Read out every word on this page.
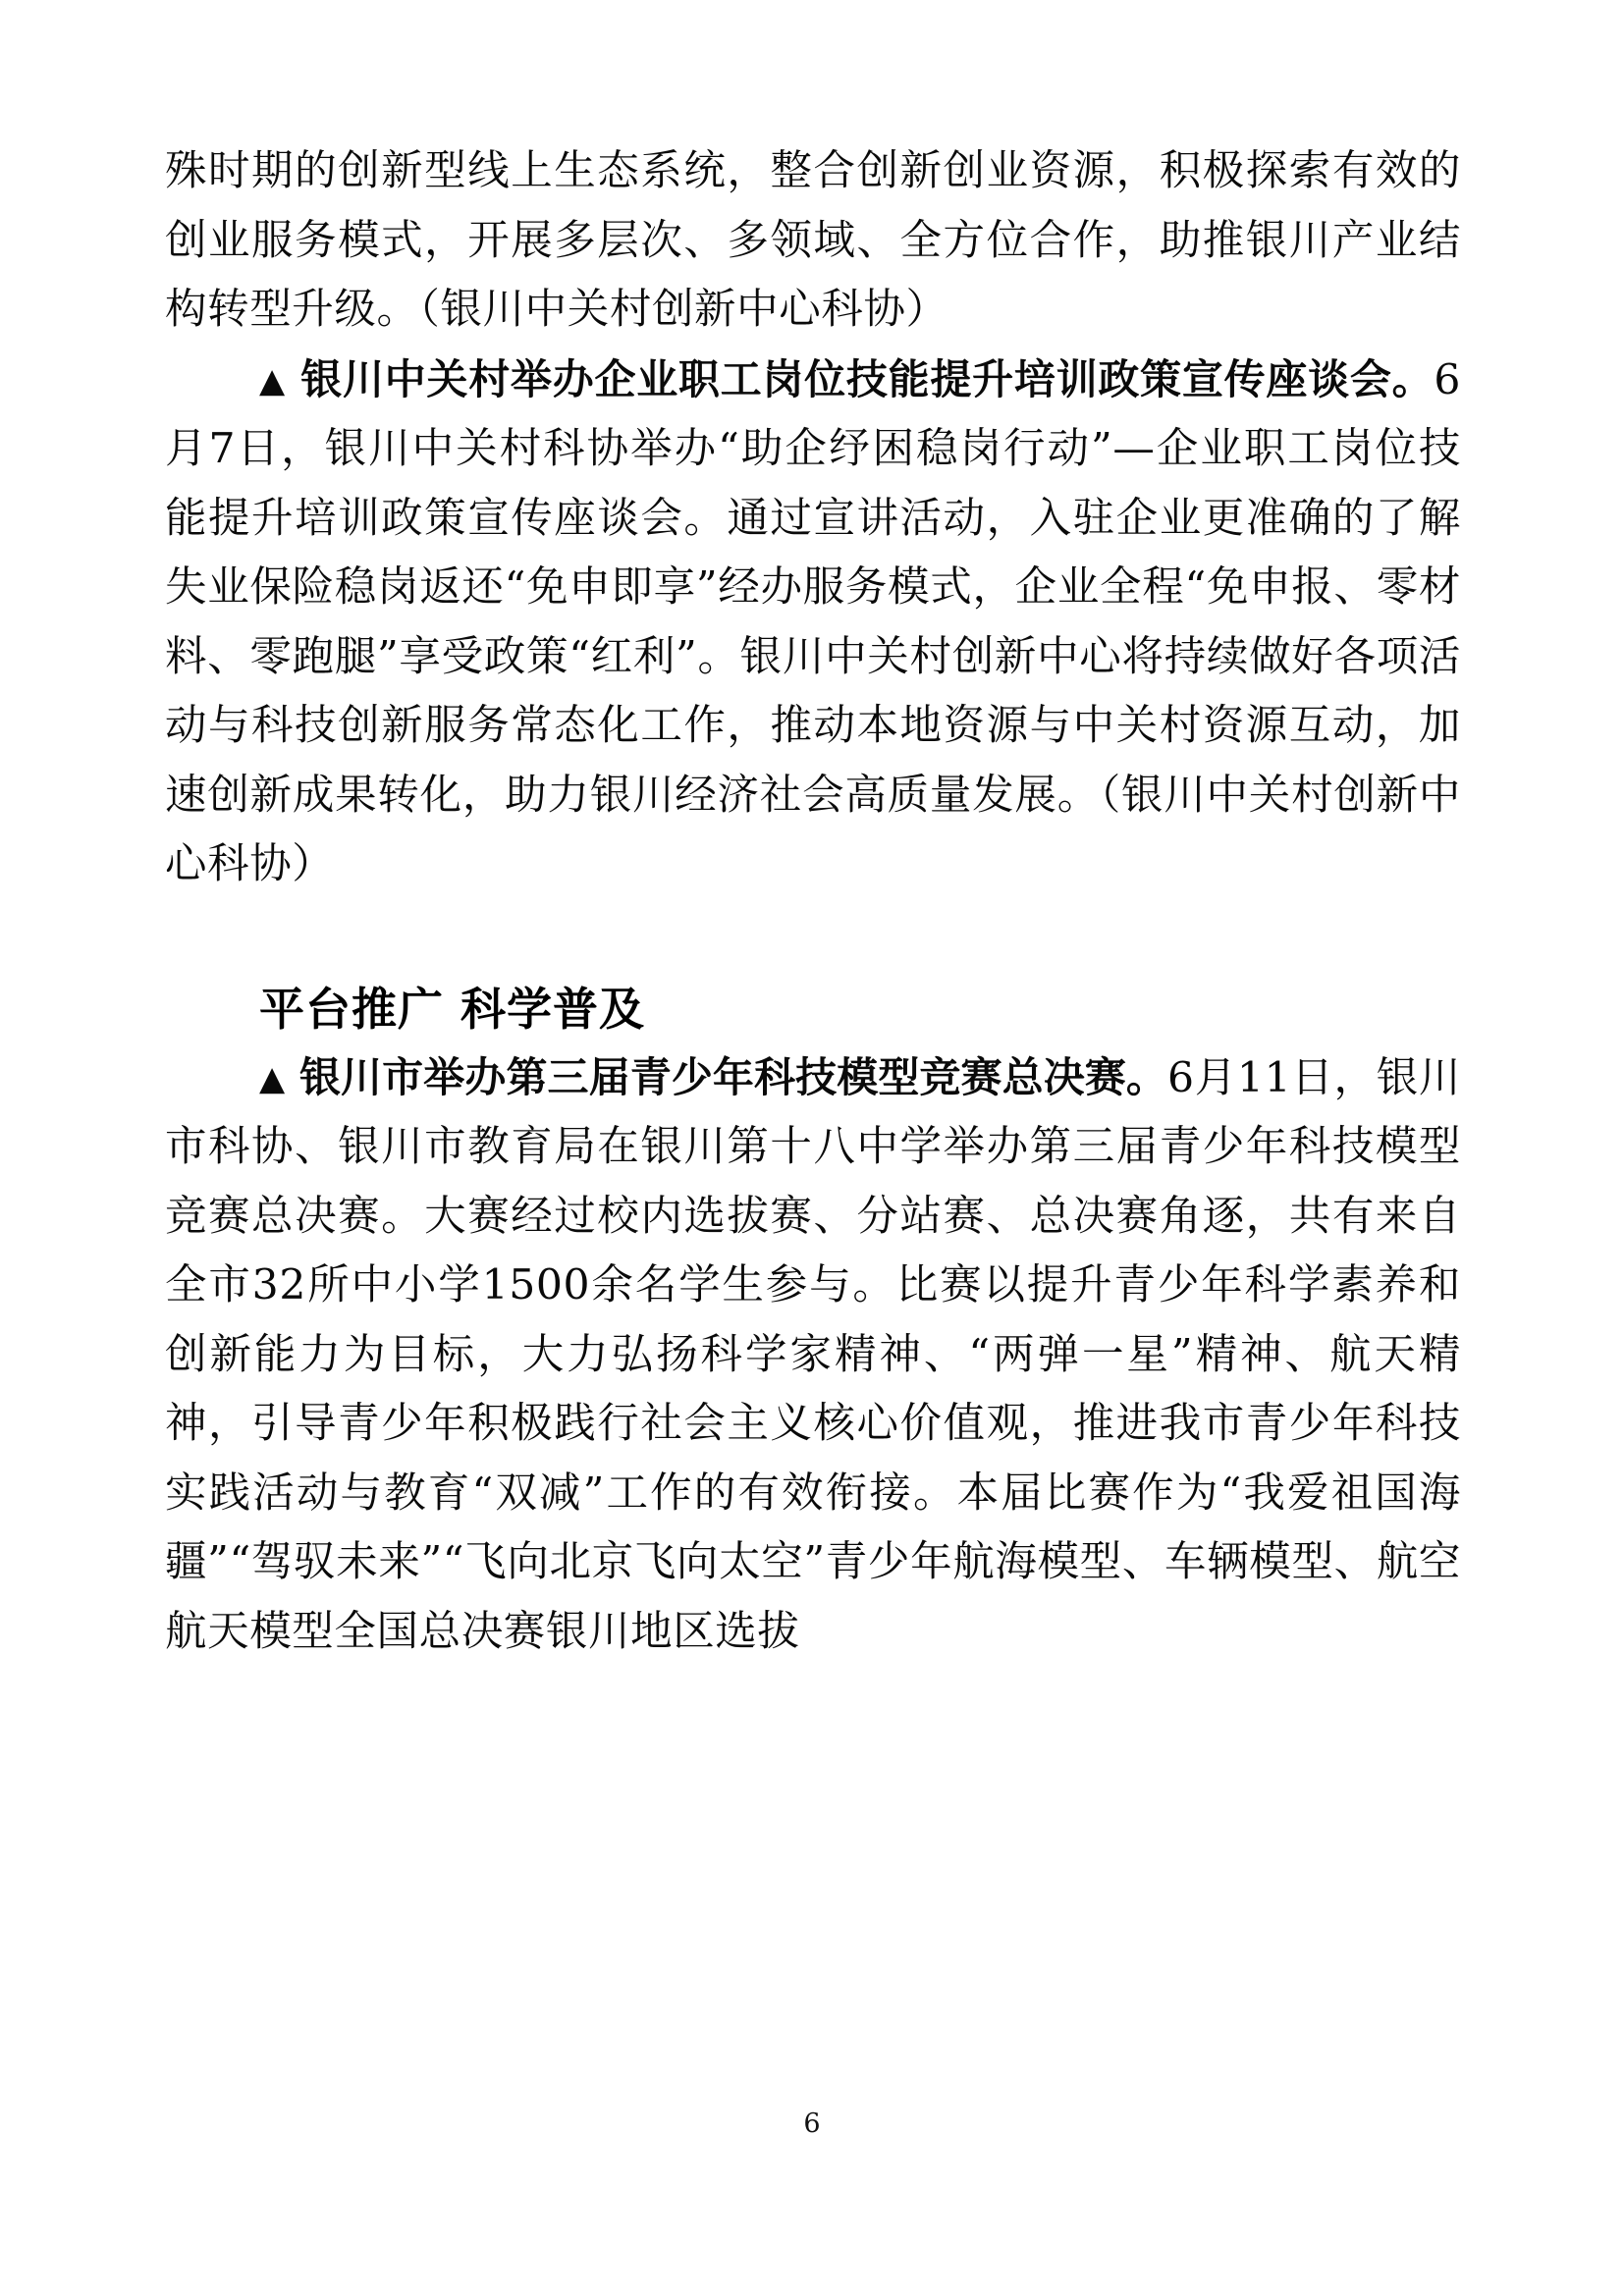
殊时期的创新型线上生态系统，整合创新创业资源，积极探索有效的创业服务模式，开展多层次、多领域、全方位合作，助推银川产业结构转型升级。（银川中关村创新中心科协）

▲ 银川中关村举办企业职工岗位技能提升培训政策宣传座谈会。6月7日，银川中关村科协举办“助企纾困稳岗行动”—企业职工岗位技能提升培训政策宣传座谈会。通过宣讲活动，入驻企业更准确的了解失业保险稳岗返还“免申即享”经办服务模式，企业全程“免申报、零材料、零跑腿”享受政策“红利”。银川中关村创新中心将持续做好各项活动与科技创新服务常态化工作，推动本地资源与中关村资源互动，加速创新成果转化，助力银川经济社会高质量发展。（银川中关村创新中心科协）

平台推广 科学普及

▲ 银川市举办第三届青少年科技模型竞赛总决赛。6月11日，银川市科协、银川市教育局在银川第十八中学举办第三届青少年科技模型竞赛总决赛。大赛经过校内选拔赛、分站赛、总决赛角逐，共有来自全市32所中小学1500余名学生参与。比赛以提升青少年科学素养和创新能力为目标，大力弘扬科学家精神、“两弹一星”精神、航天精神，引导青少年积极践行社会主义核心价值观，推进我市青少年科技实践活动与教育“双减”工作的有效衔接。本届比赛作为“我爱祖国海疆”“驾驭未来”“飞向北京飞向太空”青少年航海模型、车辆模型、航空航天模型全国总决赛银川地区选拔

6
